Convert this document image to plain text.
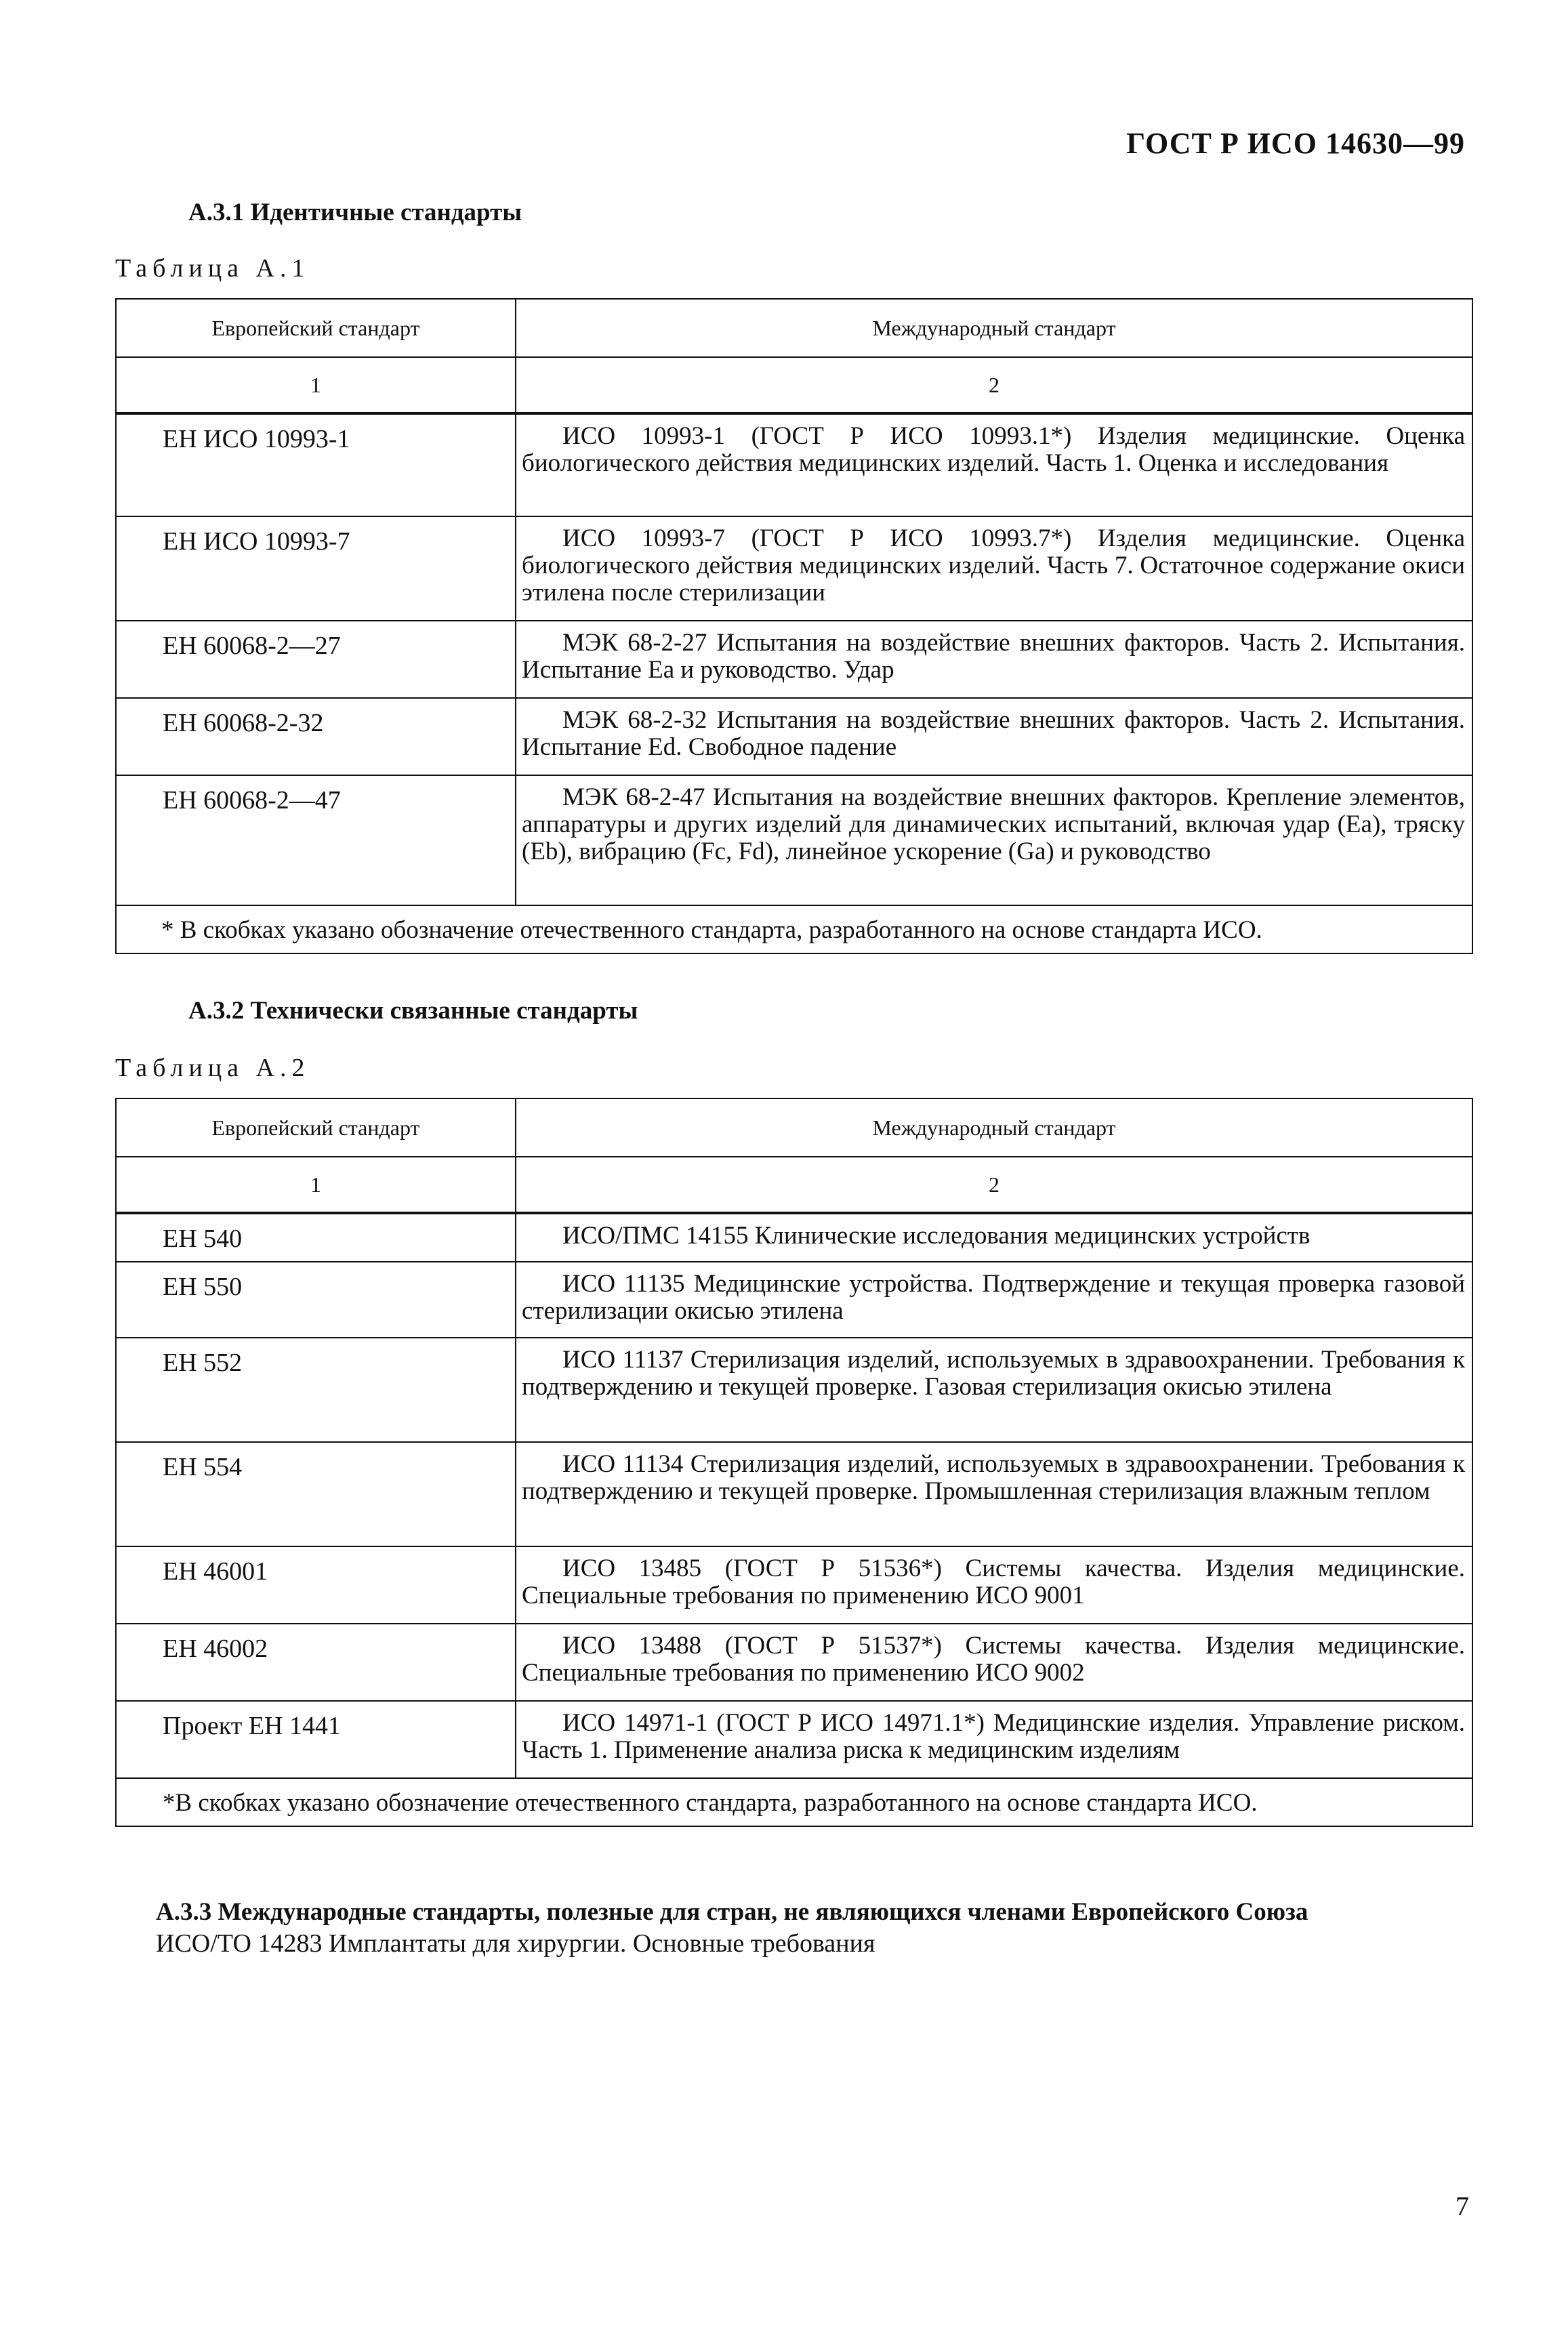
ГОСТ Р ИСО 14630—99
А.3.1 Идентичные стандарты
Таблица А.1
Европейский стандарт	Международный стандарт
1	2
ЕН ИСО 10993-1	ИСО 10993-1 (ГОСТ Р ИСО 10993.1*) Изделия медицинские. Оценка биологического действия медицинских изделий. Часть 1. Оценка и исследования
ЕН ИСО 10993-7	ИСО 10993-7 (ГОСТ Р ИСО 10993.7*) Изделия медицинские. Оценка биологического действия медицинских изделий. Часть 7. Остаточное содержание окиси этилена после стерилизации
ЕН 60068-2—27	МЭК 68-2-27 Испытания на воздействие внешних факторов. Часть 2. Испытания. Испытание Ea и руководство. Удар
ЕН 60068-2-32	МЭК 68-2-32 Испытания на воздействие внешних факторов. Часть 2. Испытания. Испытание Ed. Свободное падение
ЕН 60068-2—47	МЭК 68-2-47 Испытания на воздействие внешних факторов. Крепление элементов, аппаратуры и других изделий для динамических испытаний, включая удар (Ea), тряску (Eb), вибрацию (Fc, Fd), линейное ускорение (Ga) и руководство
* В скобках указано обозначение отечественного стандарта, разработанного на основе стандарта ИСО.	
А.3.2 Технически связанные стандарты
Таблица А.2
Европейский стандарт	Международный стандарт
1	2
ЕН 540	ИСО/ПМС 14155 Клинические исследования медицинских устройств
ЕН 550	ИСО 11135 Медицинские устройства. Подтверждение и текущая проверка газовой стерилизации окисью этилена
ЕН 552	ИСО 11137 Стерилизация изделий, используемых в здравоохранении. Требования к подтверждению и текущей проверке. Газовая стерилизация окисью этилена
ЕН 554	ИСО 11134 Стерилизация изделий, используемых в здравоохранении. Требования к подтверждению и текущей проверке. Промышленная стерилизация влажным теплом
ЕН 46001	ИСО 13485 (ГОСТ Р 51536*) Системы качества. Изделия медицинские. Специальные требования по применению ИСО 9001
ЕН 46002	ИСО 13488 (ГОСТ Р 51537*) Системы качества. Изделия медицинские. Специальные требования по применению ИСО 9002
Проект ЕН 1441	ИСО 14971-1 (ГОСТ Р ИСО 14971.1*) Медицинские изделия. Управление риском. Часть 1. Применение анализа риска к медицинским изделиям
*В скобках указано обозначение отечественного стандарта, разработанного на основе стандарта ИСО.	
А.3.3 Международные стандарты, полезные для стран, не являющихся членами Европейского Союза
ИСО/ТО 14283 Имплантаты для хирургии. Основные требования
7
